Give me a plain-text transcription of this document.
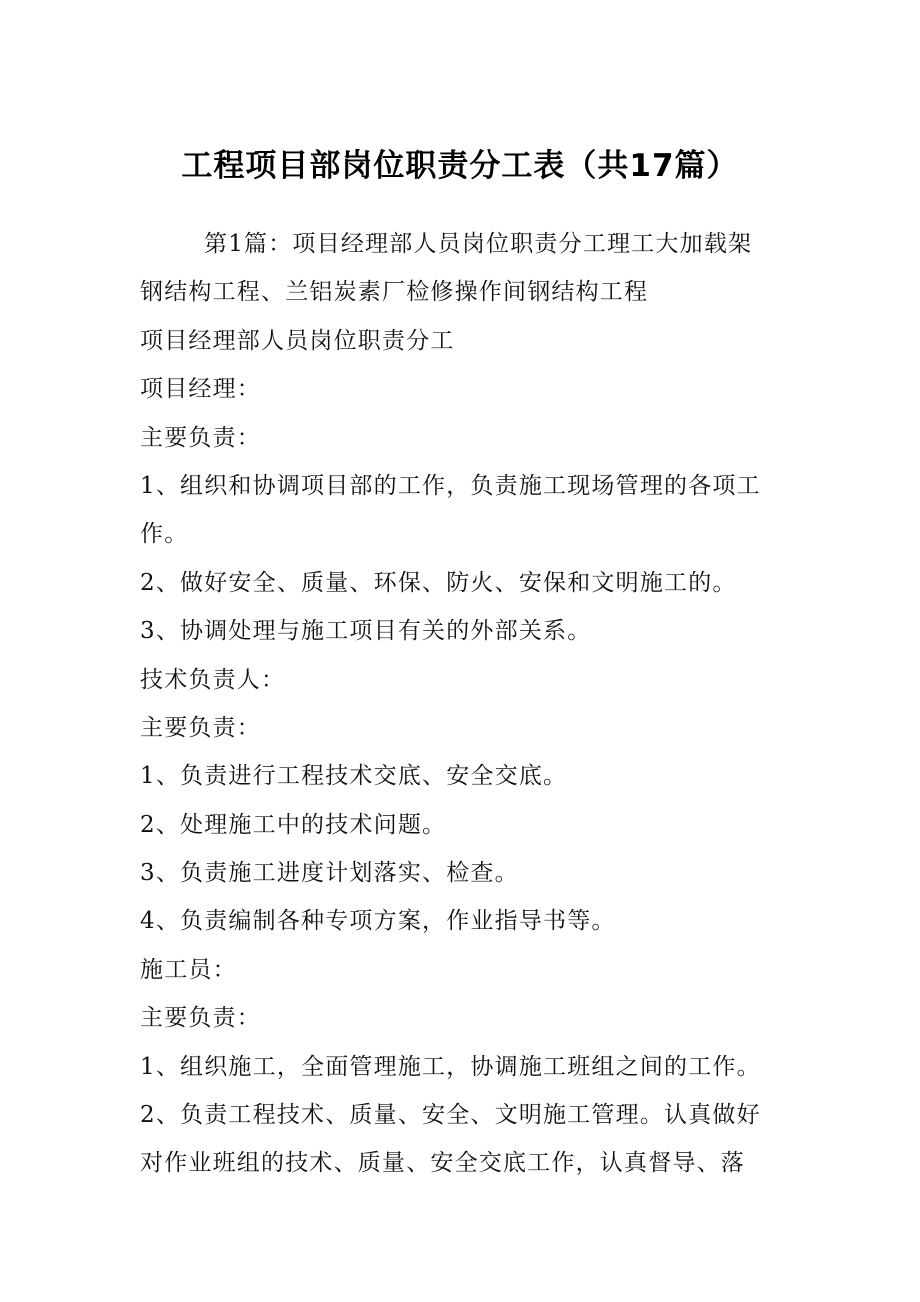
工程项目部岗位职责分工表（共17篇）
第1篇：项目经理部人员岗位职责分工理工大加载架
钢结构工程、兰铝炭素厂检修操作间钢结构工程
项目经理部人员岗位职责分工
项目经理：
主要负责：
1、组织和协调项目部的工作，负责施工现场管理的各项工
作。
2、做好安全、质量、环保、防火、安保和文明施工的。
3、协调处理与施工项目有关的外部关系。
技术负责人：
主要负责：
1、负责进行工程技术交底、安全交底。
2、处理施工中的技术问题。
3、负责施工进度计划落实、检查。
4、负责编制各种专项方案，作业指导书等。
施工员：
主要负责：
1、组织施工，全面管理施工，协调施工班组之间的工作。
2、负责工程技术、质量、安全、文明施工管理。认真做好
对作业班组的技术、质量、安全交底工作，认真督导、落
